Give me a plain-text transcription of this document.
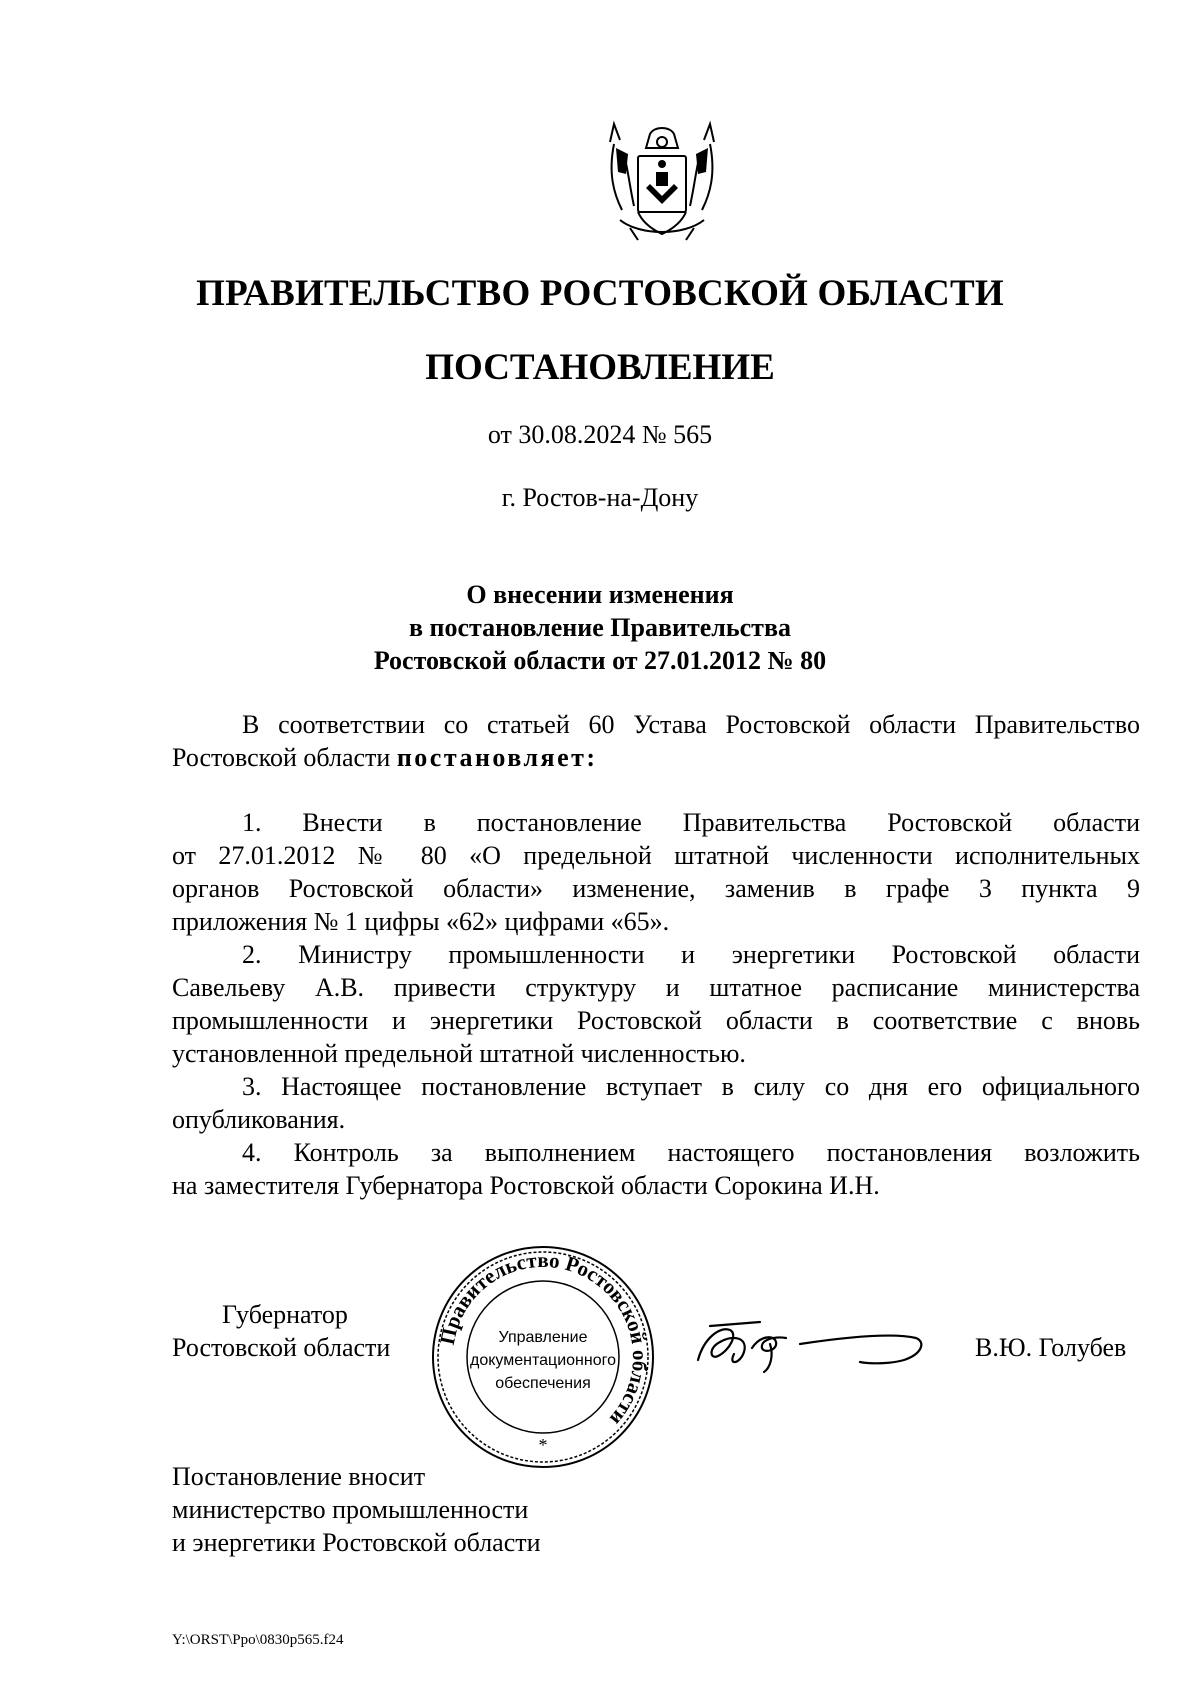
ПРАВИТЕЛЬСТВО РОСТОВСКОЙ ОБЛАСТИ
ПОСТАНОВЛЕНИЕ
от 30.08.2024 № 565
г. Ростов-на-Дону
О внесении изменения
в постановление Правительства
Ростовской области от 27.01.2012 № 80
В соответствии со статьей 60 Устава Ростовской области Правительство
Ростовской области постановляет:
1. Внести в постановление Правительства Ростовской области
от 27.01.2012 № 80 «О предельной штатной численности исполнительных
органов Ростовской области» изменение, заменив в графе 3 пункта 9
приложения № 1 цифры «62» цифрами «65».
2. Министру промышленности и энергетики Ростовской области
Савельеву А.В. привести структуру и штатное расписание министерства
промышленности и энергетики Ростовской области в соответствие с вновь
установленной предельной штатной численностью.
3. Настоящее постановление вступает в силу со дня его официального
опубликования.
4. Контроль за выполнением настоящего постановления возложить
на заместителя Губернатора Ростовской области Сорокина И.Н.
Губернатор
Ростовской области	В.Ю. Голубев
Правительство Ростовской области
Управление
документационного
обеспечения
*
Постановление вносит
министерство промышленности
и энергетики Ростовской области
Y:\ORST\Ppo\0830p565.f24
